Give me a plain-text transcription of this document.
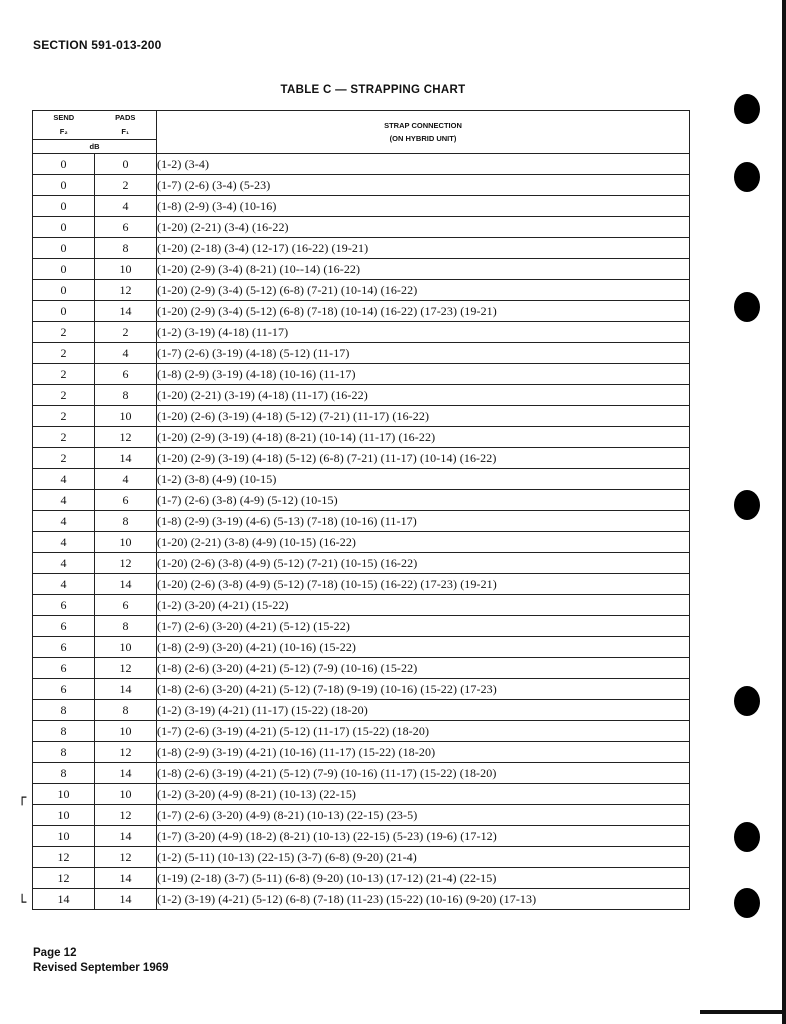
SECTION 591-013-200
TABLE C — STRAPPING CHART
SEND	PADS	STRAP CONNECTION
(ON HYBRID UNIT)
F₂	F₁	
dB		
0	0	(1-2) (3-4)
0	2	(1-7) (2-6) (3-4) (5-23)
0	4	(1-8) (2-9) (3-4) (10-16)
0	6	(1-20) (2-21) (3-4) (16-22)
0	8	(1-20) (2-18) (3-4) (12-17) (16-22) (19-21)
0	10	(1-20) (2-9) (3-4) (8-21) (10--14) (16-22)
0	12	(1-20) (2-9) (3-4) (5-12) (6-8) (7-21) (10-14) (16-22)
0	14	(1-20) (2-9) (3-4) (5-12) (6-8) (7-18) (10-14) (16-22) (17-23) (19-21)
2	2	(1-2) (3-19) (4-18) (11-17)
2	4	(1-7) (2-6) (3-19) (4-18) (5-12) (11-17)
2	6	(1-8) (2-9) (3-19) (4-18) (10-16) (11-17)
2	8	(1-20) (2-21) (3-19) (4-18) (11-17) (16-22)
2	10	(1-20) (2-6) (3-19) (4-18) (5-12) (7-21) (11-17) (16-22)
2	12	(1-20) (2-9) (3-19) (4-18) (8-21) (10-14) (11-17) (16-22)
2	14	(1-20) (2-9) (3-19) (4-18) (5-12) (6-8) (7-21) (11-17) (10-14) (16-22)
4	4	(1-2) (3-8) (4-9) (10-15)
4	6	(1-7) (2-6) (3-8) (4-9) (5-12) (10-15)
4	8	(1-8) (2-9) (3-19) (4-6) (5-13) (7-18) (10-16) (11-17)
4	10	(1-20) (2-21) (3-8) (4-9) (10-15) (16-22)
4	12	(1-20) (2-6) (3-8) (4-9) (5-12) (7-21) (10-15) (16-22)
4	14	(1-20) (2-6) (3-8) (4-9) (5-12) (7-18) (10-15) (16-22) (17-23) (19-21)
6	6	(1-2) (3-20) (4-21) (15-22)
6	8	(1-7) (2-6) (3-20) (4-21) (5-12) (15-22)
6	10	(1-8) (2-9) (3-20) (4-21) (10-16) (15-22)
6	12	(1-8) (2-6) (3-20) (4-21) (5-12) (7-9) (10-16) (15-22)
6	14	(1-8) (2-6) (3-20) (4-21) (5-12) (7-18) (9-19) (10-16) (15-22) (17-23)
8	8	(1-2) (3-19) (4-21) (11-17) (15-22) (18-20)
8	10	(1-7) (2-6) (3-19) (4-21) (5-12) (11-17) (15-22) (18-20)
8	12	(1-8) (2-9) (3-19) (4-21) (10-16) (11-17) (15-22) (18-20)
8	14	(1-8) (2-6) (3-19) (4-21) (5-12) (7-9) (10-16) (11-17) (15-22) (18-20)
10	10	(1-2) (3-20) (4-9) (8-21) (10-13) (22-15)
10	12	(1-7) (2-6) (3-20) (4-9) (8-21) (10-13) (22-15) (23-5)
10	14	(1-7) (3-20) (4-9) (18-2) (8-21) (10-13) (22-15) (5-23) (19-6) (17-12)
12	12	(1-2) (5-11) (10-13) (22-15) (3-7) (6-8) (9-20) (21-4)
12	14	(1-19) (2-18) (3-7) (5-11) (6-8) (9-20) (10-13) (17-12) (21-4) (22-15)
14	14	(1-2) (3-19) (4-21) (5-12) (6-8) (7-18) (11-23) (15-22) (10-16) (9-20) (17-13)
┌
└
Page 12
Revised September 1969
